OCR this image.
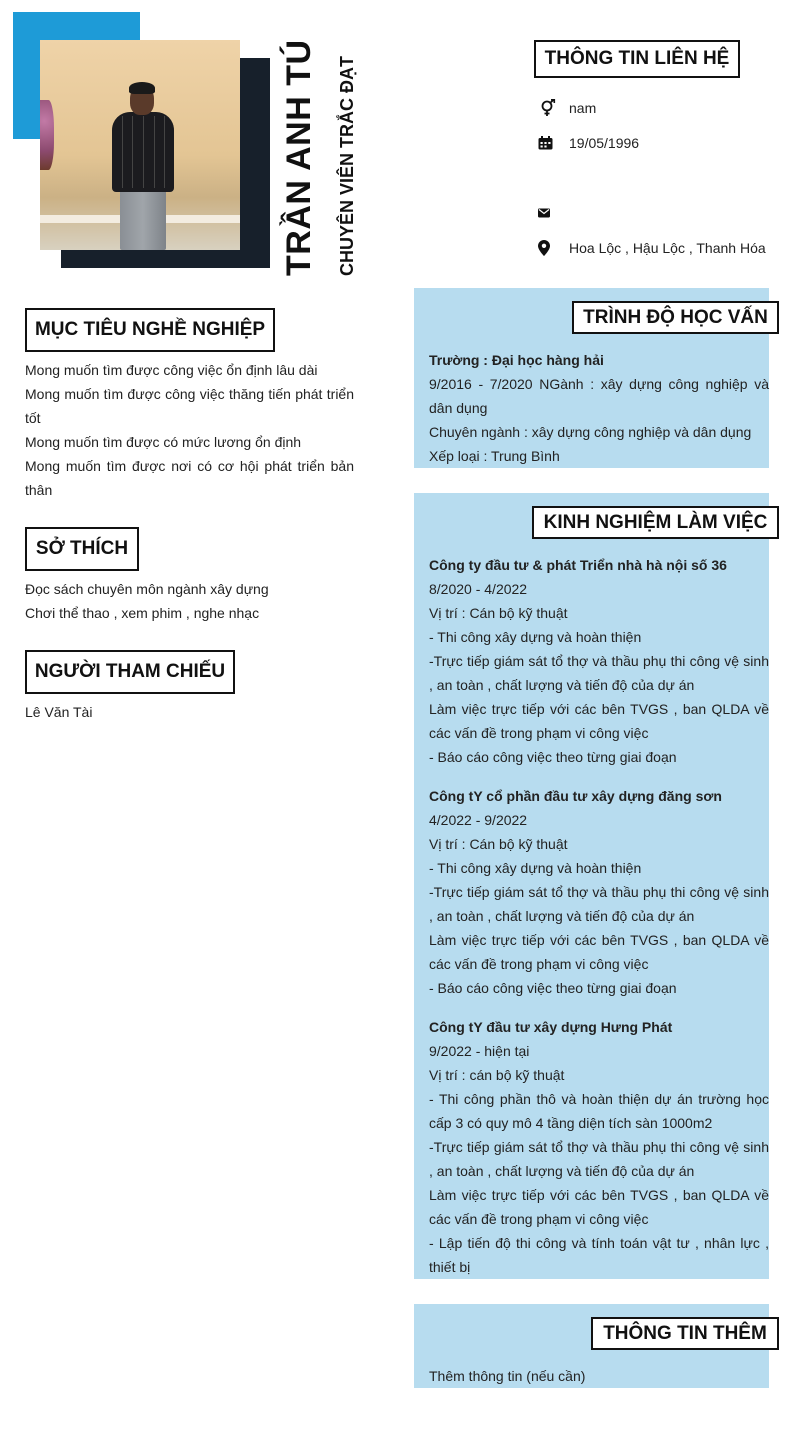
TRẦN ANH TÚ CHUYÊN VIÊN TRẮC ĐẠT	THÔNG TIN LIÊN HỆ
nam
19/05/1996
Hoa Lộc , Hậu Lộc , Thanh Hóa
MỤC TIÊU NGHỀ NGHIỆP

Mong muốn tìm được công việc ổn định lâu dài

Mong muốn tìm được công việc thăng tiến phát triển tốt

Mong muốn tìm được có mức lương ổn định

Mong muốn tìm được nơi có cơ hội phát triển bản thân

SỞ THÍCH

Đọc sách chuyên môn ngành xây dựng

Chơi thể thao , xem phim , nghe nhạc

NGƯỜI THAM CHIẾU

Lê Văn Tài

TRÌNH ĐỘ HỌC VẤN

Trường : Đại học hàng hải

9/2016 - 7/2020 NGành : xây dựng công nghiệp và dân dụng

Chuyên ngành : xây dựng công nghiệp và dân dụng

Xếp loại : Trung Bình

KINH NGHIỆM LÀM VIỆC

Công ty đầu tư & phát Triển nhà hà nội số 36

8/2020 - 4/2022

Vị trí : Cán bộ kỹ thuật

- Thi công xây dựng và hoàn thiện

-Trực tiếp giám sát tổ thợ và thầu phụ thi công vệ sinh , an toàn , chất lượng và tiến độ của dự án

Làm việc trực tiếp với các bên TVGS , ban QLDA về các vấn đề trong phạm vi công việc

- Báo cáo công việc theo từng giai đoạn

Công tY cổ phần đầu tư xây dựng đăng sơn

4/2022 - 9/2022

Vị trí : Cán bộ kỹ thuật

- Thi công xây dựng và hoàn thiện

-Trực tiếp giám sát tổ thợ và thầu phụ thi công vệ sinh , an toàn , chất lượng và tiến độ của dự án

Làm việc trực tiếp với các bên TVGS , ban QLDA về các vấn đề trong phạm vi công việc

- Báo cáo công việc theo từng giai đoạn

Công tY đầu tư xây dựng Hưng Phát

9/2022 - hiện tại

Vị trí : cán bộ kỹ thuật

- Thi công phần thô và hoàn thiện dự án trường học cấp 3 có quy mô 4 tầng diện tích sàn 1000m2

-Trực tiếp giám sát tổ thợ và thầu phụ thi công vệ sinh , an toàn , chất lượng và tiến độ của dự án

Làm việc trực tiếp với các bên TVGS , ban QLDA về các vấn đề trong phạm vi công việc

- Lập tiến độ thi công và tính toán vật tư , nhân lực , thiết bị

THÔNG TIN THÊM

Thêm thông tin (nếu cần)
